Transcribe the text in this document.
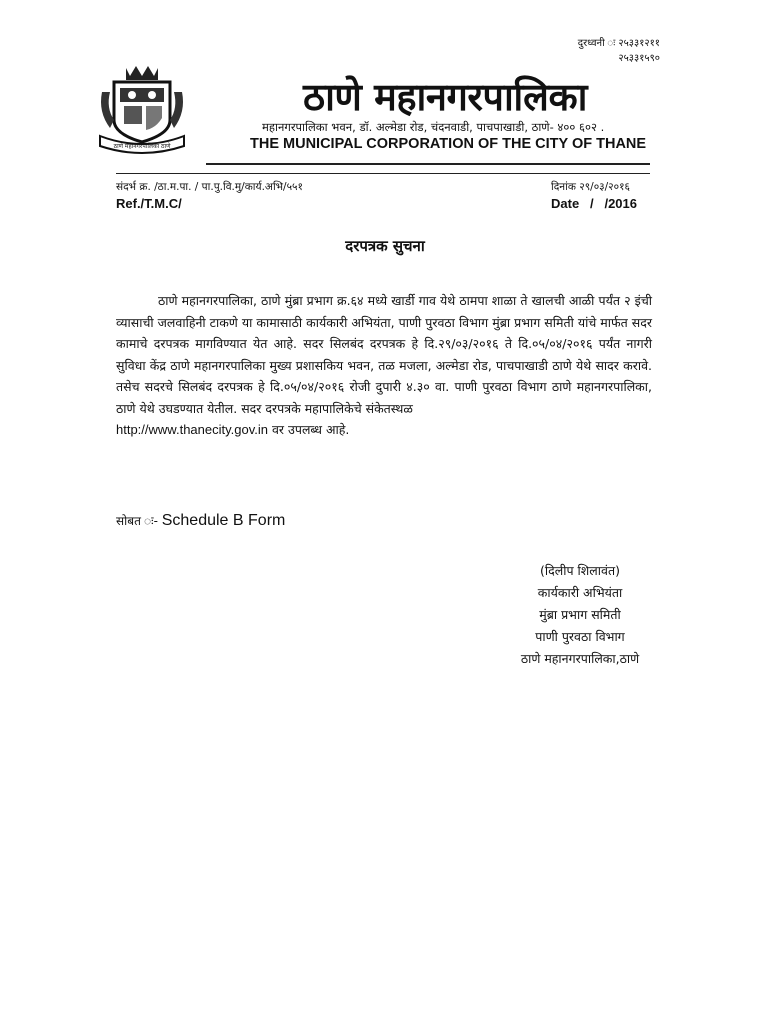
दुरध्वनी ः २५३३१२११
२५३३१५९०
ठाणे महानगरपालिका ठाणे
ठाणे महानगरपालिका
महानगरपालिका भवन, डॉ. अल्मेडा रोड, चंदनवाडी, पाचपाखाडी, ठाणे- ४०० ६०२ .
THE MUNICIPAL CORPORATION OF THE CITY OF THANE
संदर्भ क्र. /ठा.म.पा. / पा.पु.वि.मु/कार्य.अभि/५५१
Ref./T.M.C/
दिनांक २९/०३/२०१६
Date   /   /2016
दरपत्रक सुचना
ठाणे महानगरपालिका, ठाणे मुंब्रा प्रभाग क्र.६४ मध्ये खार्डी गाव येथे ठामपा शाळा ते खालची आळी पर्यंत २ इंची व्यासाची जलवाहिनी टाकणे या कामासाठी कार्यकारी अभियंता, पाणी पुरवठा विभाग मुंब्रा प्रभाग समिती यांचे मार्फत सदर कामाचे दरपत्रक मागविण्यात येत आहे. सदर सिलबंद दरपत्रक हे दि.२९/०३/२०१६ ते दि.०५/०४/२०१६ पर्यंत नागरी सुविधा केंद्र ठाणे महानगरपालिका मुख्य प्रशासकिय भवन, तळ मजला, अल्मेडा रोड, पाचपाखाडी ठाणे येथे सादर करावे. तसेच सदरचे सिलबंद दरपत्रक हे दि.०५/०४/२०१६ रोजी दुपारी ४.३० वा. पाणी पुरवठा विभाग ठाणे महानगरपालिका, ठाणे येथे उघडण्यात येतील. सदर दरपत्रके महापालिकेचे संकेतस्थळ
http://www.thanecity.gov.in वर उपलब्ध आहे.
सोबत ः- Schedule B Form
(दिलीप शिलावंत)
कार्यकारी अभियंता
मुंब्रा प्रभाग समिती
पाणी पुरवठा विभाग
ठाणे महानगरपालिका,ठाणे
